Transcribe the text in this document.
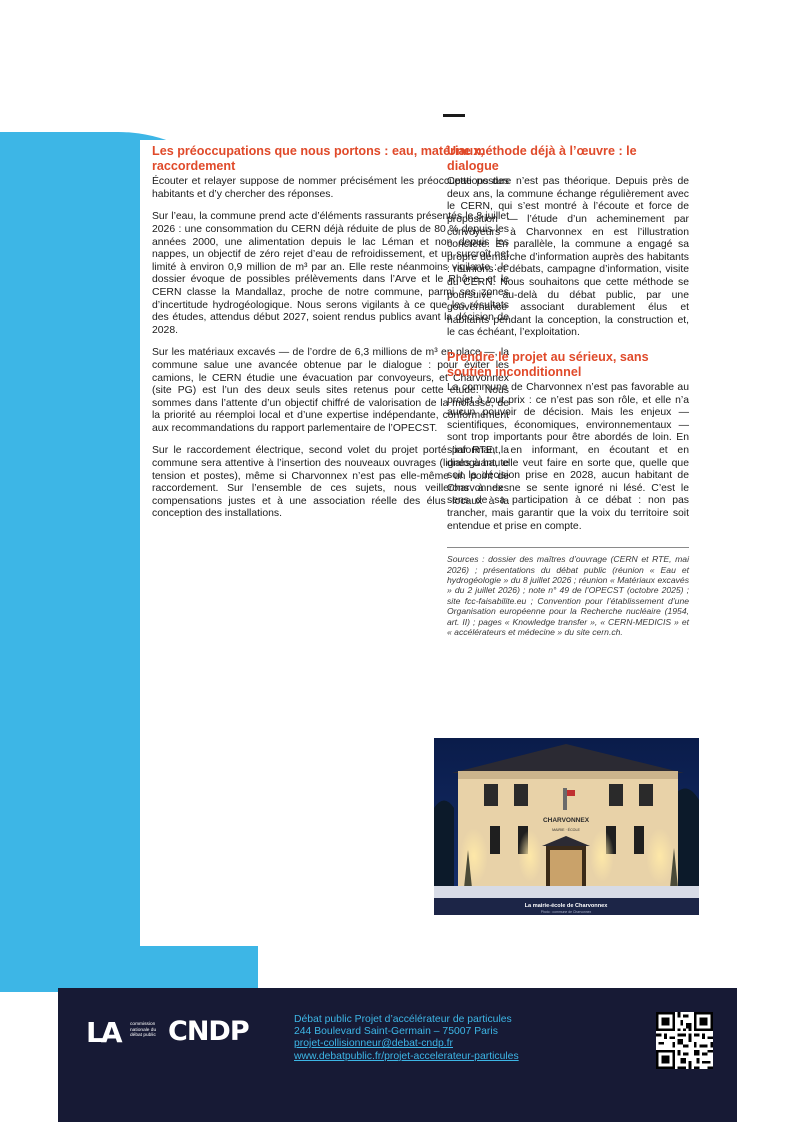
Les préoccupations que nous portons : eau, matériaux, raccordement

Écouter et relayer suppose de nommer précisément les préoccupations des habitants et d’y chercher des réponses.

Sur l’eau, la commune prend acte d’éléments rassurants présentés le 8 juillet 2026 : une consommation du CERN déjà réduite de plus de 80 % depuis les années 2000, une alimentation depuis le lac Léman et non depuis les nappes, un objectif de zéro rejet d’eau de refroidissement, et un surcroît net limité à environ 0,9 million de m³ par an. Elle reste néanmoins vigilante : le dossier évoque de possibles prélèvements dans l’Arve et le Rhône, et le CERN classe la Mandallaz, proche de notre commune, parmi ses zones d’incertitude hydrogéologique. Nous serons vigilants à ce que les résultats des études, attendus début 2027, soient rendus publics avant la décision de 2028.

Sur les matériaux excavés — de l’ordre de 6,3 millions de m³ en place —, la commune salue une avancée obtenue par le dialogue : pour éviter les camions, le CERN étudie une évacuation par convoyeurs, et Charvonnex (site PG) est l’un des deux seuls sites retenus pour cette étude. Nous sommes dans l’attente d’un objectif chiffré de valorisation de la molasse, de la priorité au réemploi local et d’une expertise indépendante, conformément aux recommandations du rapport parlementaire de l’OPECST.

Sur le raccordement électrique, second volet du projet porté par RTE, la commune sera attentive à l’insertion des nouveaux ouvrages (lignes à haute tension et postes), même si Charvonnex n’est pas elle-même un point de raccordement. Sur l’ensemble de ces sujets, nous veillerons à des compensations justes et à une association réelle des élus locaux à la conception des installations.

Une méthode déjà à l’œuvre : le dialogue

Cette posture n’est pas théorique. Depuis près de deux ans, la commune échange régulièrement avec le CERN, qui s’est montré à l’écoute et force de proposition — l’étude d’un acheminement par convoyeurs à Charvonnex en est l’illustration concrète. En parallèle, la commune a engagé sa propre démarche d’information auprès des habitants : réunions et débats, campagne d’information, visite du CERN. Nous souhaitons que cette méthode se poursuive au-delà du débat public, par une gouvernance associant durablement élus et habitants pendant la conception, la construction et, le cas échéant, l’exploitation.

Prendre le projet au sérieux, sans soutien inconditionnel

La commune de Charvonnex n’est pas favorable au projet à tout prix : ce n’est pas son rôle, et elle n’a aucun pouvoir de décision. Mais les enjeux — scientifiques, économiques, environnementaux — sont trop importants pour être abordés de loin. En s’informant, en informant, en écoutant et en dialoguant, elle veut faire en sorte que, quelle que soit la décision prise en 2028, aucun habitant de Charvonnex ne se sente ignoré ni lésé. C’est le sens de sa participation à ce débat : non pas trancher, mais garantir que la voix du territoire soit entendue et prise en compte.

Sources : dossier des maîtres d’ouvrage (CERN et RTE, mai 2026) ; présentations du débat public (réunion « Eau et hydrogéologie » du 8 juillet 2026 ; réunion « Matériaux excavés » du 2 juillet 2026) ; note n° 49 de l’OPECST (octobre 2025) ; site fcc-faisabilite.eu ; Convention pour l’établissement d’une Organisation européenne pour la Recherche nucléaire (1954, art. II) ; pages « Knowledge transfer », « CERN-MEDICIS » et « accélérateurs et médecine » du site cern.ch.
CHARVONNEX
MAIRIE · ÉCOLE
La mairie-école de Charvonnex
Photo : commune de Charvonnex
LA commission nationale du débat public CNDP	Débat public Projet d’accélérateur de particules
244 Boulevard Saint-Germain – 75007 Paris
projet-collisionneur@debat-cndp.fr
www.debatpublic.fr/projet-accelerateur-particules
